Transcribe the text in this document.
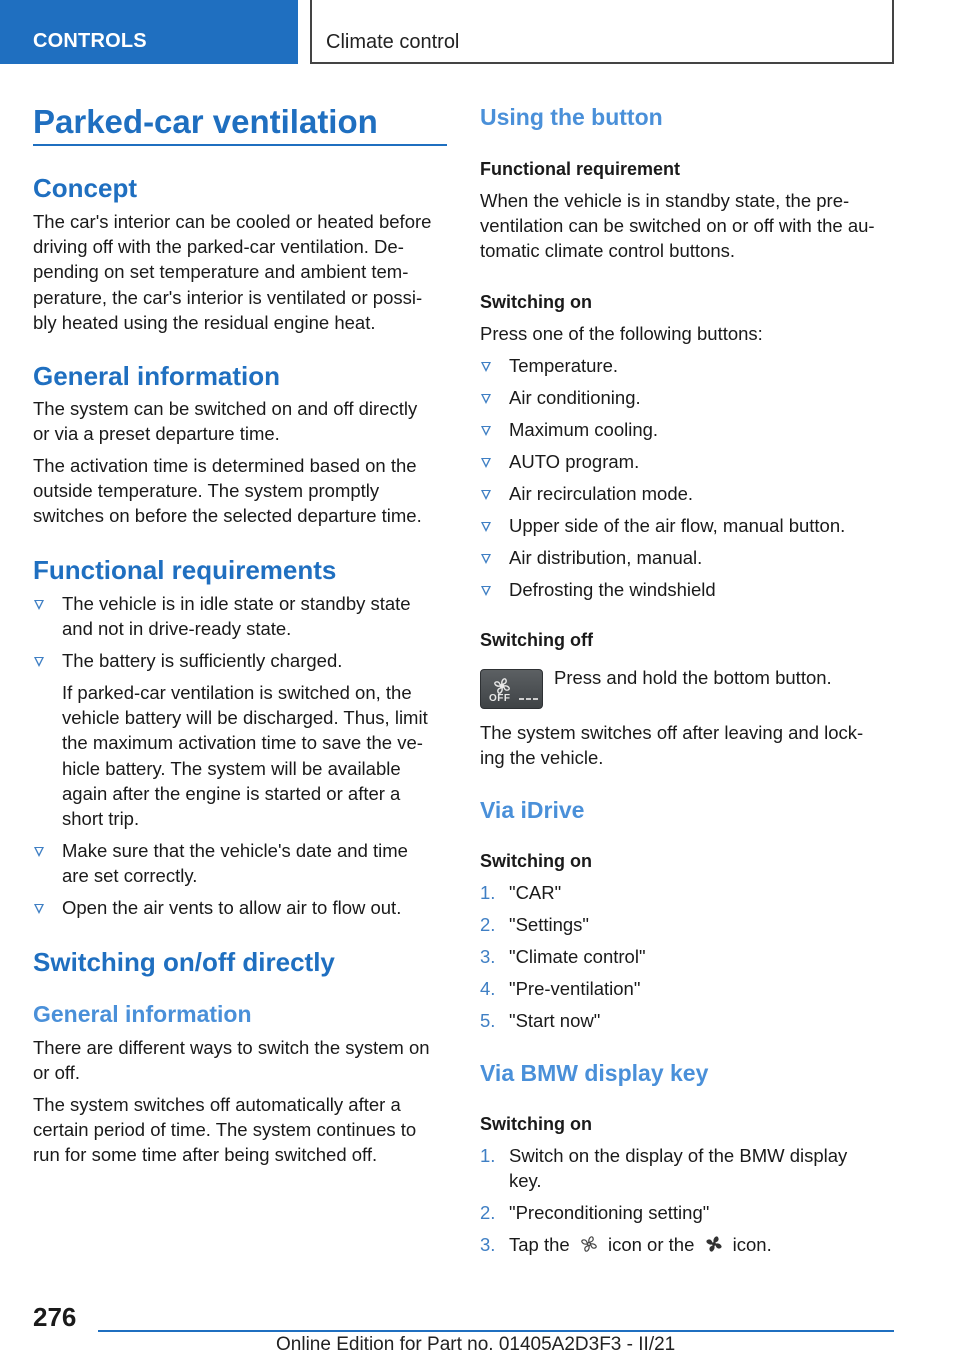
CONTROLS	Climate control
Parked-car ventilation
Concept

The car's interior can be cooled or heated before

driving off with the parked-car ventilation. De-

pending on set temperature and ambient tem-

perature, the car's interior is ventilated or possi-

bly heated using the residual engine heat.

General information

The system can be switched on and off directly

or via a preset departure time.

The activation time is determined based on the

outside temperature. The system promptly

switches on before the selected departure time.

Functional requirements
The vehicle is in idle state or standby state
and not in drive-ready state.
The battery is sufficiently charged.
If parked-car ventilation is switched on, the
vehicle battery will be discharged. Thus, limit
the maximum activation time to save the ve-
hicle battery. The system will be available
again after the engine is started or after a
short trip.
Make sure that the vehicle's date and time
are set correctly.
Open the air vents to allow air to flow out.
Switching on/off directly
General information

There are different ways to switch the system on

or off.

The system switches off automatically after a

certain period of time. The system continues to

run for some time after being switched off.

Using the button
Functional requirement

When the vehicle is in standby state, the pre-

ventilation can be switched on or off with the au-

tomatic climate control buttons.

Switching on

Press one of the following buttons:

Temperature.
Air conditioning.
Maximum cooling.
AUTO program.
Air recirculation mode.
Upper side of the air flow, manual button.
Air distribution, manual.
Defrosting the windshield
Switching off
OFF

Press and hold the bottom button.

The system switches off after leaving and lock-

ing the vehicle.

Via iDrive
Switching on
1. "CAR"
2. "Settings"
3. "Climate control"
4. "Pre-ventilation"
5. "Start now"
Via BMW display key
Switching on
1. Switch on the display of the BMW display
key.
2. "Preconditioning setting"
3. Tap the icon or the icon.
276
Online Edition for Part no. 01405A2D3F3 - II/21
